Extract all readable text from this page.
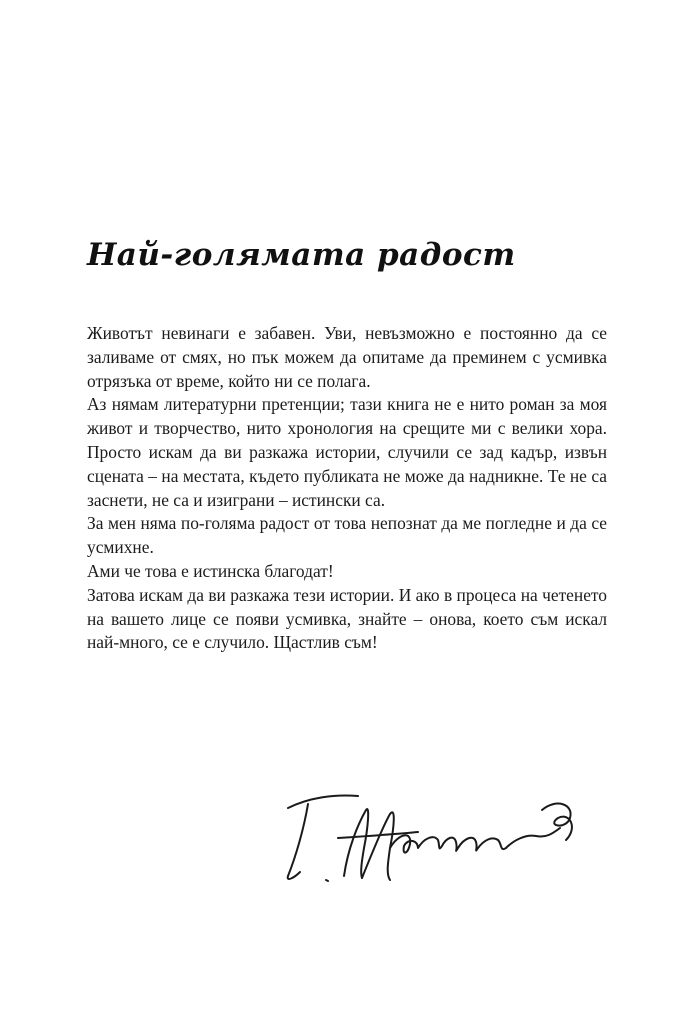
Най-голямата радост

Животът невинаги е забавен. Уви, невъзможно е постоянно да се заливаме от смях, но пък можем да опитаме да преминем с усмивка отрязъка от време, който ни се полага.

Аз нямам литературни претенции; тази книга не е нито роман за моя живот и творчество, нито хронология на срещите ми с велики хора. Просто искам да ви разкажа истории, случили се зад кадър, извън сцената – на местата, където публиката не може да надникне. Те не са заснети, не са и изиграни – истински са.

За мен няма по-голяма радост от това непознат да ме погледне и да се усмихне.

Ами че това е истинска благодат!

Затова искам да ви разкажа тези истории. И ако в процеса на четенето на вашето лице се появи усмивка, знайте – онова, което съм искал най-много, се е случило. Щастлив съм!
